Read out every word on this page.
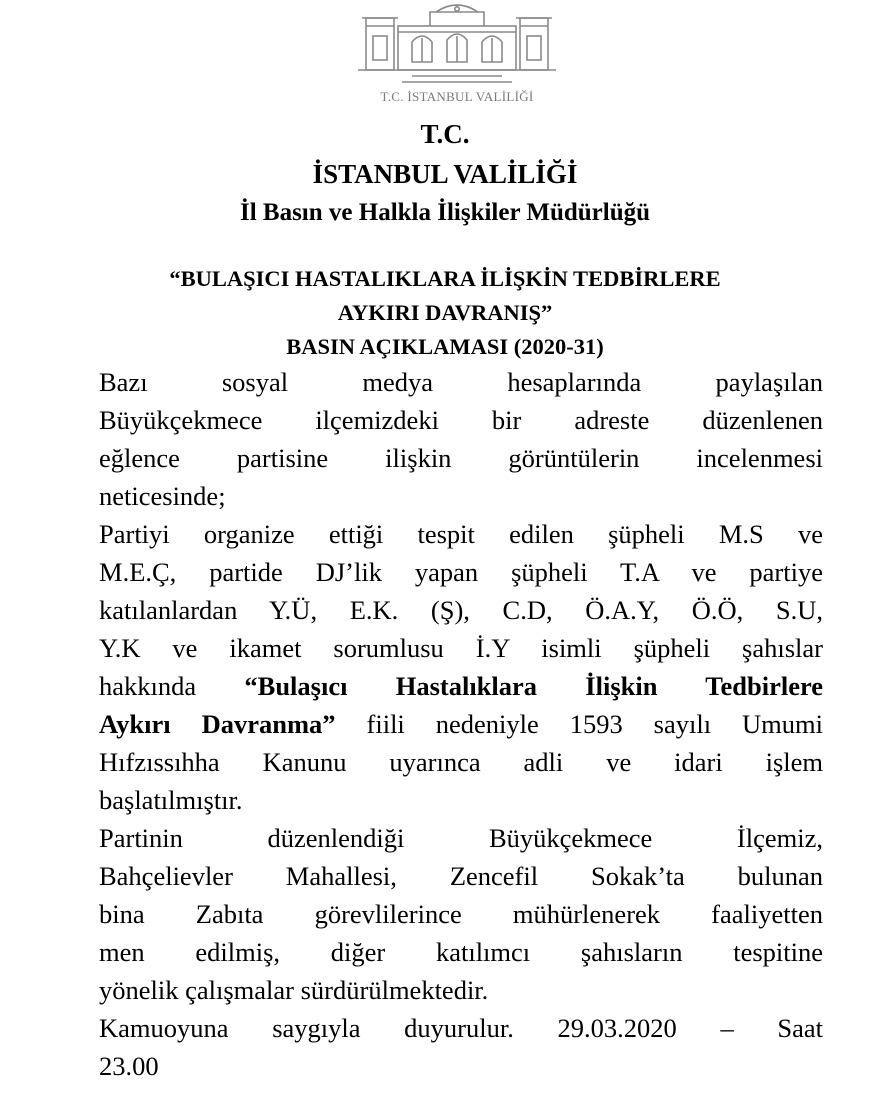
T.C. İSTANBUL VALİLİĞİ
T.C.
İSTANBUL VALİLİĞİ
İl Basın ve Halkla İlişkiler Müdürlüğü
“BULAŞICI HASTALIKLARA İLİŞKİN TEDBİRLERE
AYKIRI DAVRANIŞ”
BASIN AÇIKLAMASI (2020-31)
Bazı sosyal medya hesaplarında paylaşılan
Büyükçekmece ilçemizdeki bir adreste düzenlenen
eğlence partisine ilişkin görüntülerin incelenmesi
neticesinde;
Partiyi organize ettiği tespit edilen şüpheli M.S ve
M.E.Ç, partide DJ’lik yapan şüpheli T.A ve partiye
katılanlardan Y.Ü, E.K. (Ş), C.D, Ö.A.Y, Ö.Ö, S.U,
Y.K ve ikamet sorumlusu İ.Y isimli şüpheli şahıslar
hakkında “Bulaşıcı Hastalıklara İlişkin Tedbirlere
Aykırı Davranma” fiili nedeniyle 1593 sayılı Umumi
Hıfzıssıhha Kanunu uyarınca adli ve idari işlem
başlatılmıştır.
Partinin düzenlendiği Büyükçekmece İlçemiz,
Bahçelievler Mahallesi, Zencefil Sokak’ta bulunan
bina Zabıta görevlilerince mühürlenerek faaliyetten
men edilmiş, diğer katılımcı şahısların tespitine
yönelik çalışmalar sürdürülmektedir.
Kamuoyuna saygıyla duyurulur. 29.03.2020 – Saat
23.00
